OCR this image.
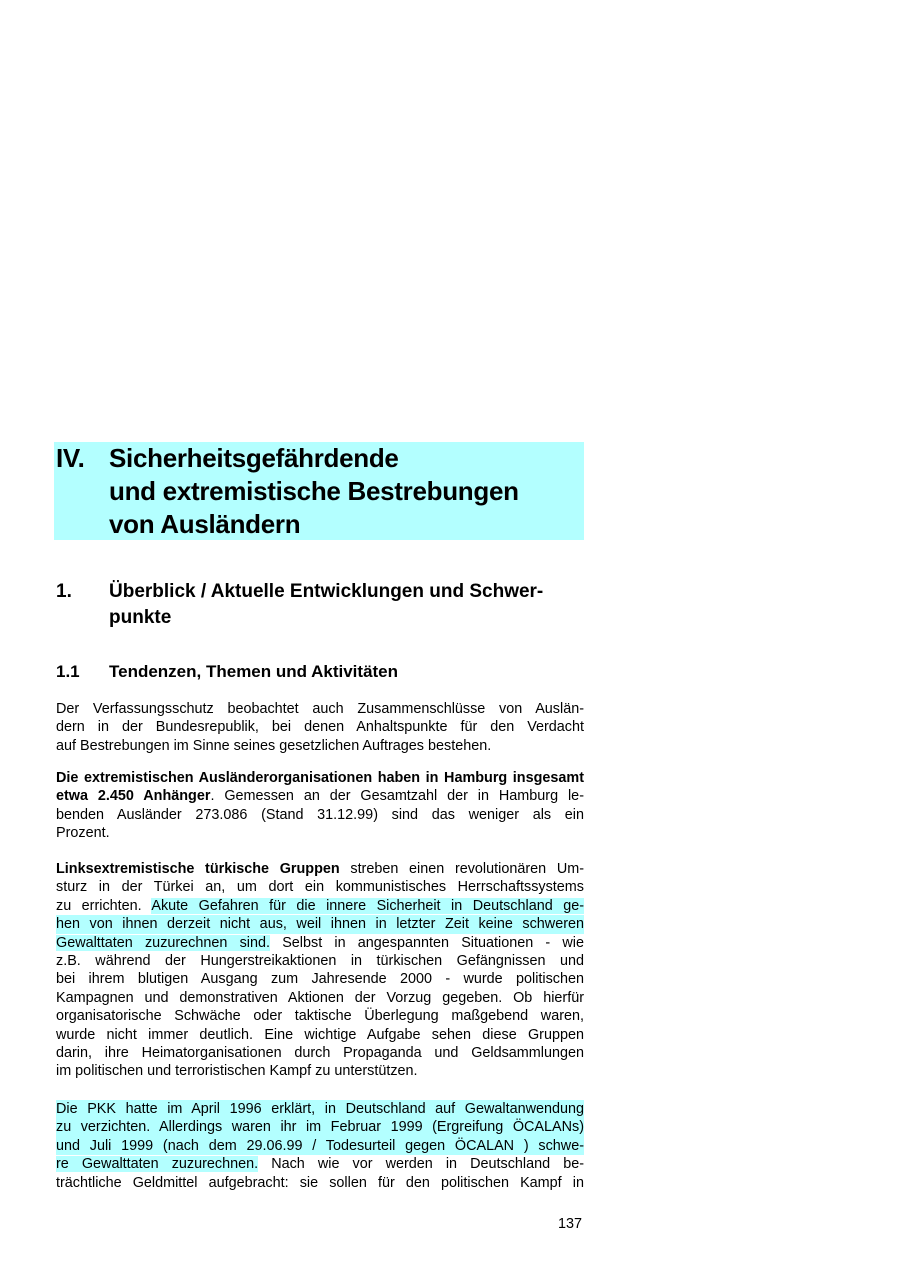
IV. Sicherheitsgefährdende
und extremistische Bestrebungen
von Ausländern
1. Überblick / Aktuelle Entwicklungen und Schwer-
punkte
1.1 Tendenzen, Themen und Aktivitäten
Der Verfassungsschutz beobachtet auch Zusammenschlüsse von Auslän-
dern in der Bundesrepublik, bei denen Anhaltspunkte für den Verdacht
auf Bestrebungen im Sinne seines gesetzlichen Auftrages bestehen.
Die extremistischen Ausländerorganisationen haben in Hamburg insgesamt
etwa 2.450 Anhänger. Gemessen an der Gesamtzahl der in Hamburg le-
benden Ausländer 273.086 (Stand 31.12.99) sind das weniger als ein
Prozent.
Linksextremistische türkische Gruppen streben einen revolutionären Um-
sturz in der Türkei an, um dort ein kommunistisches Herrschaftssystems
zu errichten. Akute Gefahren für die innere Sicherheit in Deutschland ge-
hen von ihnen derzeit nicht aus, weil ihnen in letzter Zeit keine schweren
Gewalttaten zuzurechnen sind. Selbst in angespannten Situationen - wie
z.B. während der Hungerstreikaktionen in türkischen Gefängnissen und
bei ihrem blutigen Ausgang zum Jahresende 2000 - wurde politischen
Kampagnen und demonstrativen Aktionen der Vorzug gegeben. Ob hierfür
organisatorische Schwäche oder taktische Überlegung maßgebend waren,
wurde nicht immer deutlich. Eine wichtige Aufgabe sehen diese Gruppen
darin, ihre Heimatorganisationen durch Propaganda und Geldsammlungen
im politischen und terroristischen Kampf zu unterstützen.
Die PKK hatte im April 1996 erklärt, in Deutschland auf Gewaltanwendung
zu verzichten. Allerdings waren ihr im Februar 1999 (Ergreifung ÖCALANs)
und Juli 1999 (nach dem 29.06.99 / Todesurteil gegen ÖCALAN ) schwe-
re Gewalttaten zuzurechnen. Nach wie vor werden in Deutschland be-
trächtliche Geldmittel aufgebracht: sie sollen für den politischen Kampf in
137
